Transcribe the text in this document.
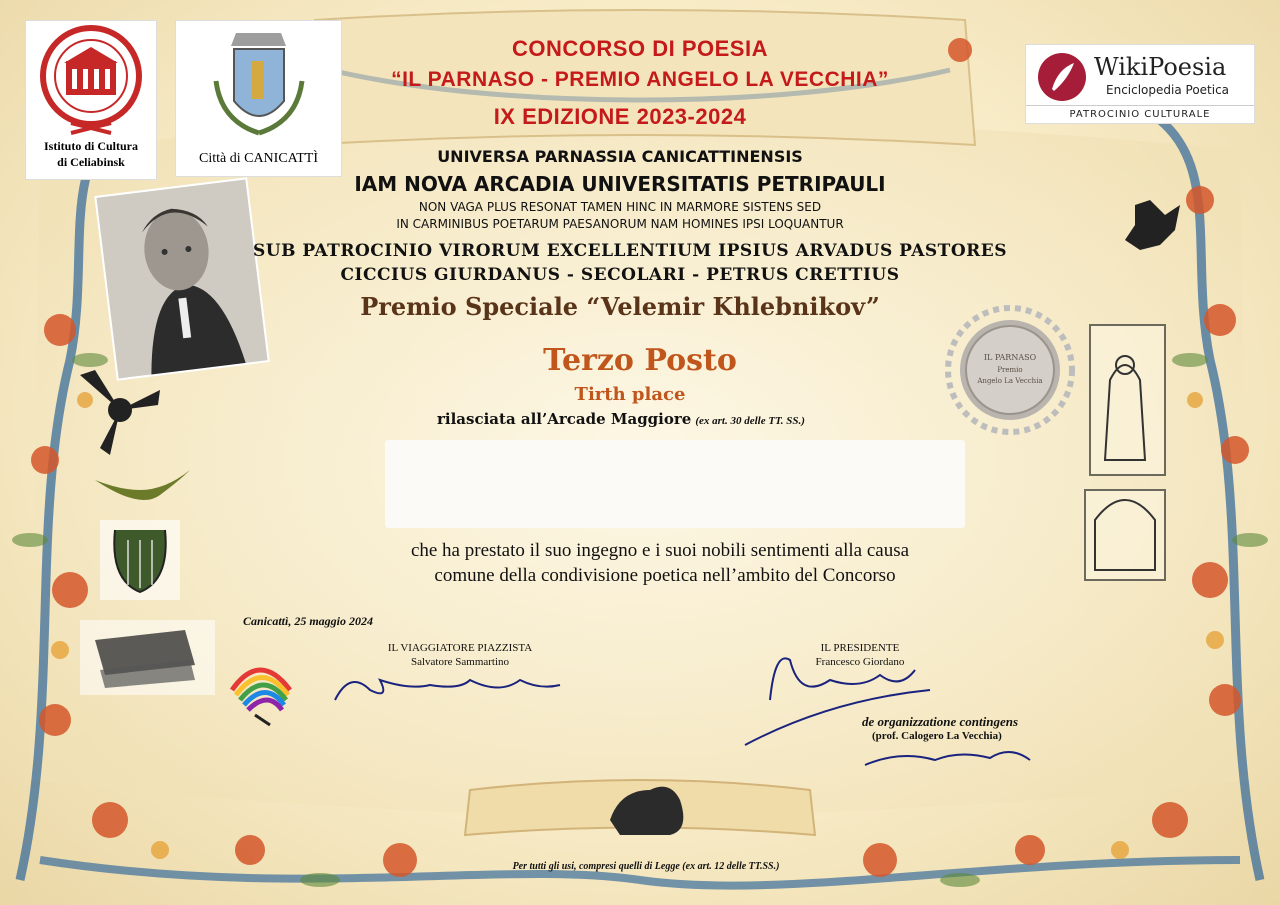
IL PARNASO
Premio
Angelo La Vecchia
Istituto di Cultura
di Celiabinsk	Città di CANICATTÌ
WikiPoesia
Enciclopedia Poetica
PATROCINIO CULTURALE
CONCORSO DI POESIA
“IL PARNASO - PREMIO ANGELO LA VECCHIA”
IX EDIZIONE 2023-2024
UNIVERSA PARNASSIA CANICATTINENSIS
IAM NOVA ARCADIA UNIVERSITATIS PETRIPAULI
NON VAGA PLUS RESONAT TAMEN HINC IN MARMORE SISTENS SED
IN CARMINIBUS POETARUM PAESANORUM NAM HOMINES IPSI LOQUANTUR
SUB PATROCINIO VIRORUM EXCELLENTIUM IPSIUS ARVADUS PASTORES
CICCIUS GIURDANUS - SECOLARI - PETRUS CRETTIUS
Premio Speciale “Velemir Khlebnikov”
Terzo Posto
Tirth place
rilasciata all’Arcade Maggiore (ex art. 30 delle TT. SS.)
che ha prestato il suo ingegno e i suoi nobili sentimenti alla causa
comune della condivisione poetica nell’ambito del Concorso
Canicattì, 25 maggio 2024
IL VIAGGIATORE PIAZZISTA
Salvatore Sammartino
IL PRESIDENTE
Francesco Giordano
de organizzatione contingens
(prof. Calogero La Vecchia)
Per tutti gli usi, compresi quelli di Legge (ex art. 12 delle TT.SS.)
